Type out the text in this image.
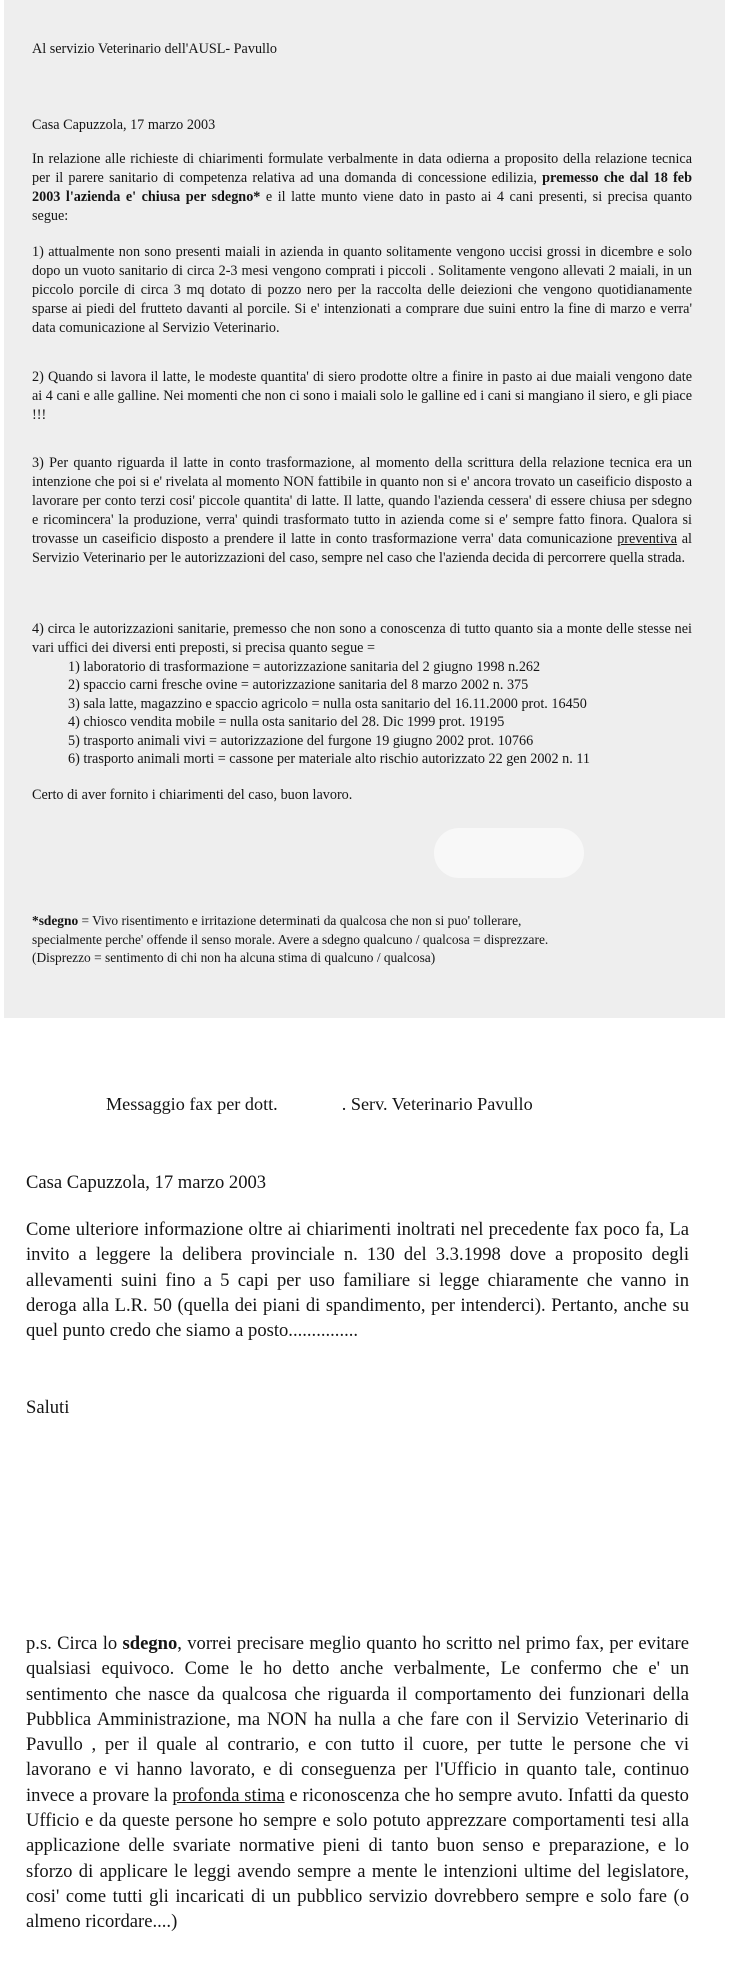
Al servizio Veterinario dell'AUSL- Pavullo

Casa Capuzzola, 17 marzo 2003

In relazione alle richieste di chiarimenti formulate verbalmente in data odierna a proposito della relazione tecnica per il parere sanitario di competenza relativa ad una domanda di concessione edilizia, premesso che dal 18 feb 2003 l'azienda e' chiusa per sdegno* e il latte munto viene dato in pasto ai 4 cani presenti, si precisa quanto segue:

1) attualmente non sono presenti maiali in azienda in quanto solitamente vengono uccisi grossi in dicembre e solo dopo un vuoto sanitario di circa 2-3 mesi vengono comprati i piccoli . Solitamente vengono allevati 2 maiali, in un piccolo porcile di circa 3 mq dotato di pozzo nero per la raccolta delle deiezioni che vengono quotidianamente sparse ai piedi del frutteto davanti al porcile. Si e' intenzionati a comprare due suini entro la fine di marzo e verra' data comunicazione al Servizio Veterinario.

2) Quando si lavora il latte, le modeste quantita' di siero prodotte oltre a finire in pasto ai due maiali vengono date ai 4 cani e alle galline. Nei momenti che non ci sono i maiali solo le galline ed i cani si mangiano il siero, e gli piace !!!

3) Per quanto riguarda il latte in conto trasformazione, al momento della scrittura della relazione tecnica era un intenzione che poi si e' rivelata al momento NON fattibile in quanto non si e' ancora trovato un caseificio disposto a lavorare per conto terzi cosi' piccole quantita' di latte. Il latte, quando l'azienda cessera' di essere chiusa per sdegno e ricomincera' la produzione, verra' quindi trasformato tutto in azienda come si e' sempre fatto finora. Qualora si trovasse un caseificio disposto a prendere il latte in conto trasformazione verra' data comunicazione preventiva al Servizio Veterinario per le autorizzazioni del caso, sempre nel caso che l'azienda decida di percorrere quella strada.

4) circa le autorizzazioni sanitarie, premesso che non sono a conoscenza di tutto quanto sia a monte delle stesse nei vari uffici dei diversi enti preposti, si precisa quanto segue =

1) laboratorio di trasformazione = autorizzazione sanitaria del 2 giugno 1998 n.262
2) spaccio carni fresche ovine = autorizzazione sanitaria del 8 marzo 2002 n. 375
3) sala latte, magazzino e spaccio agricolo = nulla osta sanitario del 16.11.2000 prot. 16450
4) chiosco vendita mobile = nulla osta sanitario del 28. Dic 1999 prot. 19195
5) trasporto animali vivi = autorizzazione del furgone 19 giugno 2002 prot. 10766
6) trasporto animali morti = cassone per materiale alto rischio autorizzato 22 gen 2002 n. 11

Certo di aver fornito i chiarimenti del caso, buon lavoro.

*sdegno = Vivo risentimento e irritazione determinati da qualcosa che non si puo' tollerare,
specialmente perche' offende il senso morale. Avere a sdegno qualcuno / qualcosa = disprezzare.
(Disprezzo = sentimento di chi non ha alcuna stima di qualcuno / qualcosa)

Messaggio fax per dott.	. Serv. Veterinario Pavullo

Casa Capuzzola, 17 marzo 2003

Come ulteriore informazione oltre ai chiarimenti inoltrati nel precedente fax poco fa, La invito a leggere la delibera provinciale n. 130 del 3.3.1998 dove a proposito degli allevamenti suini fino a 5 capi per uso familiare si legge chiaramente che vanno in deroga alla L.R. 50 (quella dei piani di spandimento, per intenderci). Pertanto, anche su quel punto credo che siamo a posto...............

Saluti

p.s. Circa lo sdegno, vorrei precisare meglio quanto ho scritto nel primo fax, per evitare qualsiasi equivoco. Come le ho detto anche verbalmente, Le confermo che e' un sentimento che nasce da qualcosa che riguarda il comportamento dei funzionari della Pubblica Amministrazione, ma NON ha nulla a che fare con il Servizio Veterinario di Pavullo , per il quale al contrario, e con tutto il cuore, per tutte le persone che vi lavorano e vi hanno lavorato, e di conseguenza per l'Ufficio in quanto tale, continuo invece a provare la profonda stima e riconoscenza che ho sempre avuto. Infatti da questo Ufficio e da queste persone ho sempre e solo potuto apprezzare comportamenti tesi alla applicazione delle svariate normative pieni di tanto buon senso e preparazione, e lo sforzo di applicare le leggi avendo sempre a mente le intenzioni ultime del legislatore, cosi' come tutti gli incaricati di un pubblico servizio dovrebbero sempre e solo fare (o almeno ricordare....)
